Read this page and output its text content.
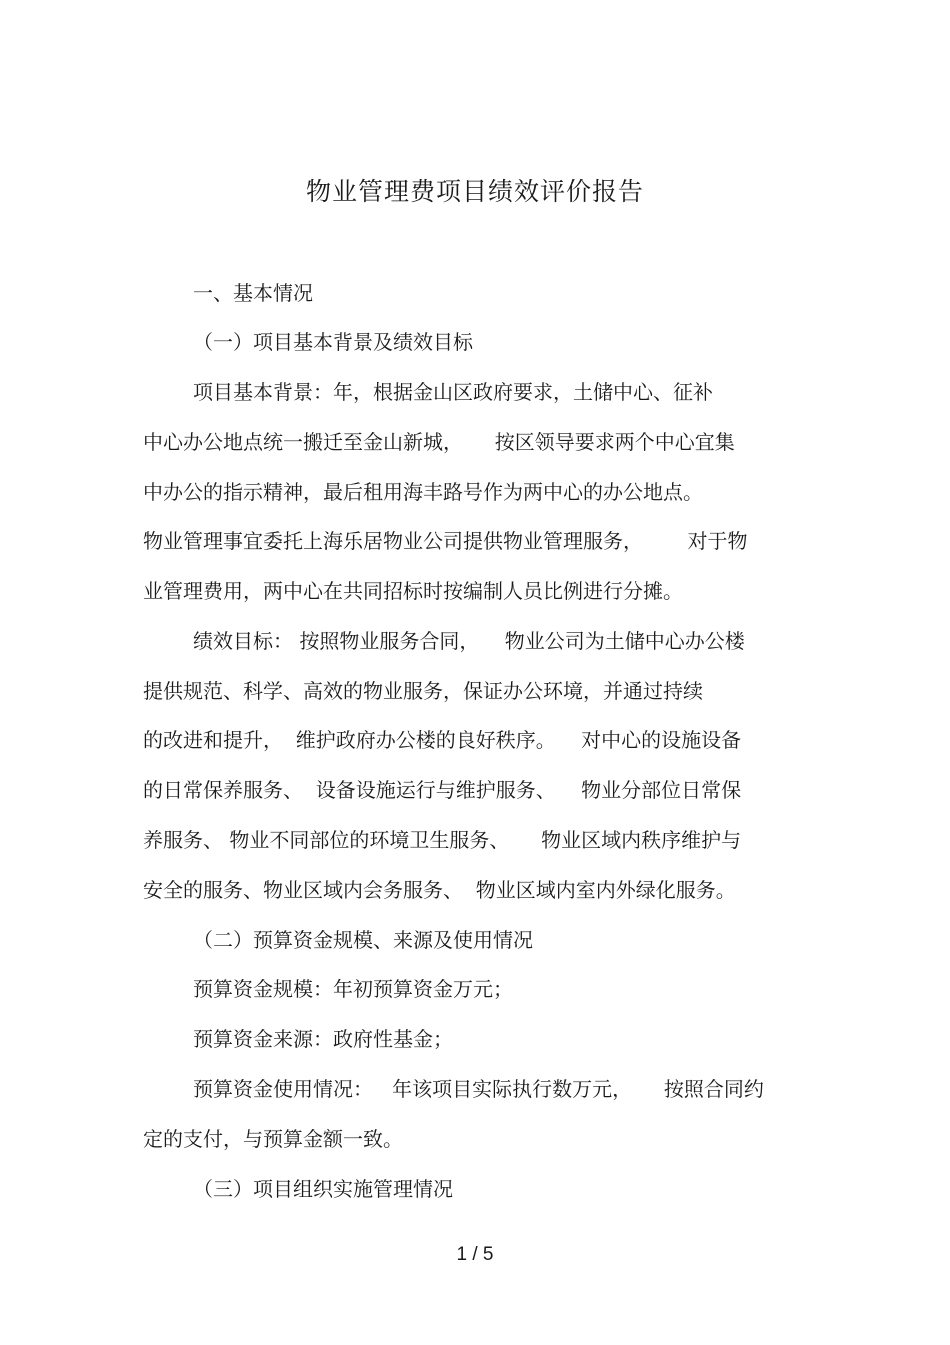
物业管理费项目绩效评价报告
一、基本情况
（一）项目基本背景及绩效目标
项目基本背景：年，根据金山区政府要求，土储中心、征补
中心办公地点统一搬迁至金山新城，     按区领导要求两个中心宜集
中办公的指示精神，最后租用海丰路号作为两中心的办公地点。
物业管理事宜委托上海乐居物业公司提供物业管理服务，       对于物
业管理费用，两中心在共同招标时按编制人员比例进行分摊。
绩效目标： 按照物业服务合同，    物业公司为土储中心办公楼
提供规范、科学、高效的物业服务，保证办公环境，并通过持续
的改进和提升，  维护政府办公楼的良好秩序。    对中心的设施设备
的日常保养服务、  设备设施运行与维护服务、    物业分部位日常保
养服务、 物业不同部位的环境卫生服务、     物业区域内秩序维护与
安全的服务、物业区域内会务服务、  物业区域内室内外绿化服务。
（二）预算资金规模、来源及使用情况
预算资金规模：年初预算资金万元；
预算资金来源：政府性基金；
预算资金使用情况：   年该项目实际执行数万元，     按照合同约
定的支付，与预算金额一致。
（三）项目组织实施管理情况
1 / 5
